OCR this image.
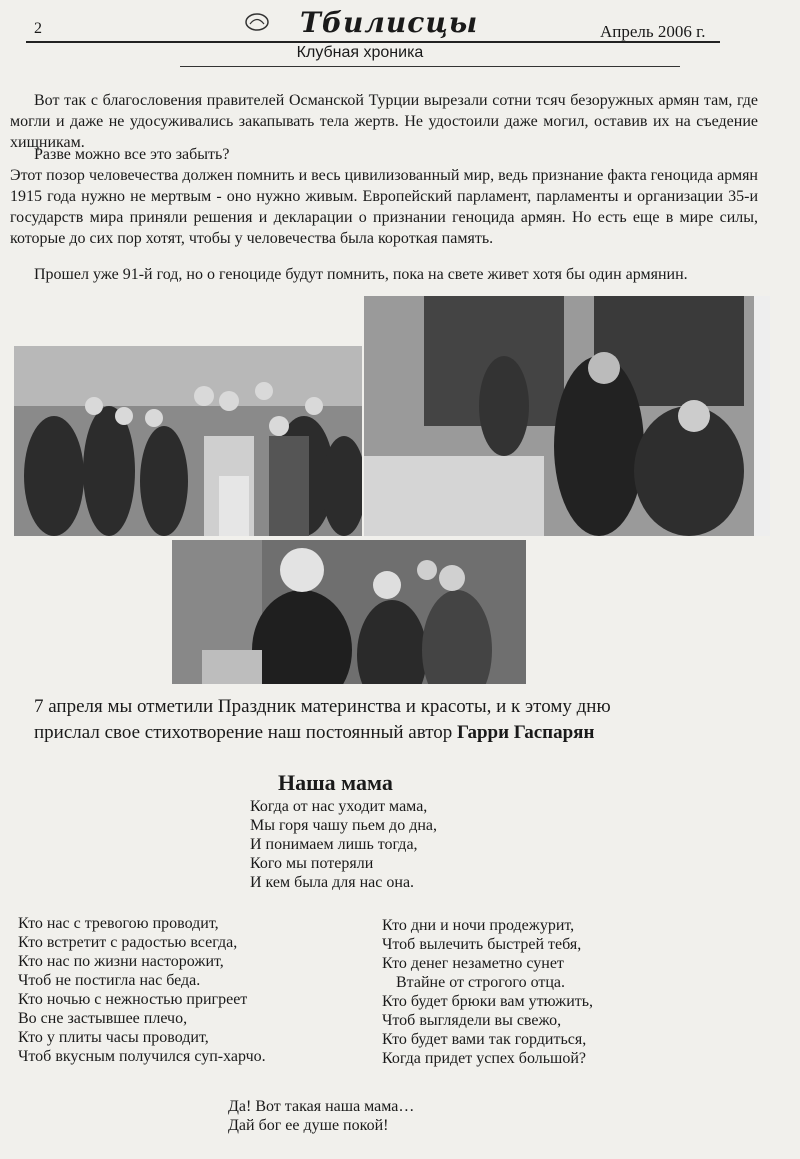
2	Тбилисцы	Апрель 2006 г.
Клубная хроника
Вот так с благословения правителей Османской Турции вырезали сотни тсяч безоружных армян там, где могли и даже не удосуживались закапывать тела жертв. Не удостоили даже могил, оставив их на съедение хищникам.
Разве можно все это забыть?
Этот позор человечества должен помнить и весь цивилизованный мир, ведь признание факта геноцида армян 1915 года нужно не мертвым - оно нужно живым. Европейский парламент, парламенты и организации 35-и государств мира приняли решения и декларации о признании геноцида армян. Но есть еще в мире силы, которые до сих пор хотят, чтобы у человечества была короткая память.
Прошел уже 91-й год, но о геноциде будут помнить, пока на свете живет хотя бы один армянин.
7 апреля мы отметили Праздник материнства и красоты, и к этому дню
прислал свое стихотворение наш постоянный автор Гарри Гаспарян
Наша мама
Когда от нас уходит мама,
Мы горя чашу пьем до дна,
И понимаем лишь тогда,
Кого мы потеряли
И кем была для нас она.
Кто нас с тревогою проводит,
Кто встретит с радостью всегда,
Кто нас по жизни насторожит,
Чтоб не постигла нас беда.
Кто ночью с нежностью пригреет
Во сне застывшее плечо,
Кто у плиты часы проводит,
Чтоб вкусным получился суп-харчо.
Кто дни и ночи продежурит,
Чтоб вылечить быстрей тебя,
Кто денег незаметно сунет
Втайне от строгого отца.
Кто будет брюки вам утюжить,
Чтоб выглядели вы свежо,
Кто будет вами так гордиться,
Когда придет успех большой?
Да! Вот такая наша мама…
Дай бог ее душе покой!
